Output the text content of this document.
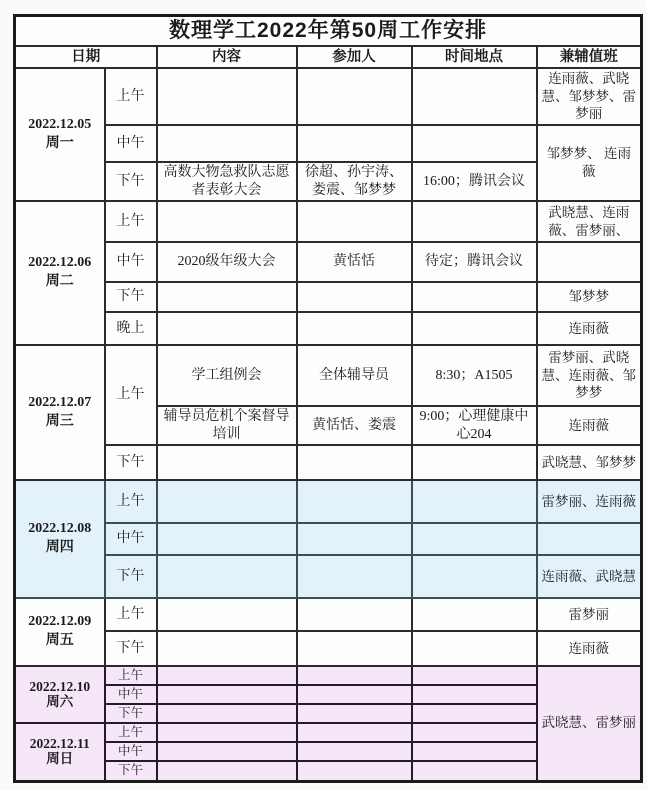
数理学工2022年第50周工作安排					
日期		内容	参加人	时间地点	兼辅值班

2022.12.05
周一	上午				连雨薇、武晓慧、邹梦梦、雷梦丽
	中午				邹梦梦、 连雨薇
	下午	高数大物急救队志愿者表彰大会	徐超、孙宇涛、娄震、邹梦梦	16:00；腾讯会议	

2022.12.06
周二	上午				武晓慧、连雨薇、雷梦丽、
	中午	2020级年级大会	黄恬恬	待定；腾讯会议	
	下午				邹梦梦
	晚上				连雨薇

2022.12.07
周三	上午	学工组例会	全体辅导员	8:30；A1505	雷梦丽、武晓慧、连雨薇、邹梦梦
		辅导员危机个案督导培训	黄恬恬、娄震	9:00；心理健康中心204	连雨薇
	下午				武晓慧、邹梦梦

2022.12.08
周四	上午				雷梦丽、连雨薇
	中午				
	下午				连雨薇、武晓慧

2022.12.09
周五	上午				雷梦丽
	下午				连雨薇

2022.12.10
周六	上午				武晓慧、雷梦丽
	中午				
	下午				

2022.12.11
周日	上午				
	中午				
	下午				
